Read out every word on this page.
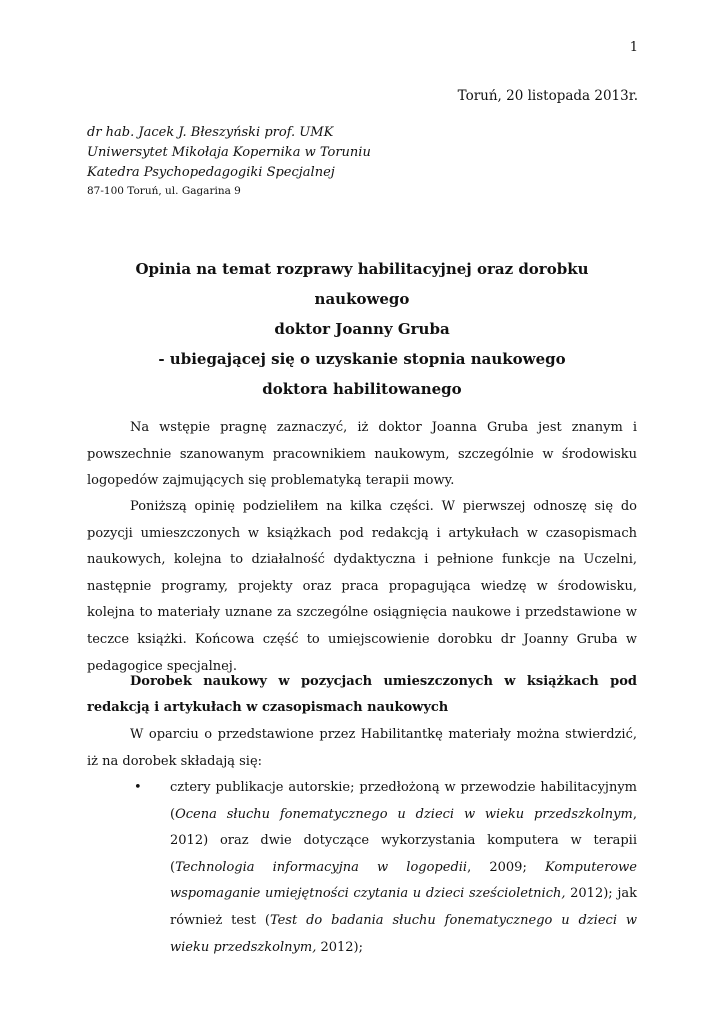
1
Toruń, 20 listopada 2013r.
dr hab. Jacek J. Błeszyński prof. UMK
Uniwersytet Mikołaja Kopernika w Toruniu
Katedra Psychopedagogiki Specjalnej
87-100 Toruń, ul. Gagarina 9
Opinia na temat rozprawy habilitacyjnej oraz dorobku naukowego
doktor Joanny Gruba
- ubiegającej się o uzyskanie stopnia naukowego
doktora habilitowanego

Na wstępie pragnę zaznaczyć, iż doktor Joanna Gruba jest znanym i powszechnie szanowanym pracownikiem naukowym, szczególnie w środowisku logopedów zajmujących się problematyką terapii mowy.

Poniższą opinię podzieliłem na kilka części. W pierwszej odnoszę się do pozycji umieszczonych w książkach pod redakcją i artykułach w czasopismach naukowych, kolejna to działalność dydaktyczna i pełnione funkcje na Uczelni, następnie programy, projekty oraz praca propagująca wiedzę w środowisku, kolejna to materiały uznane za szczególne osiągnięcia naukowe i przedstawione w teczce książki. Końcowa część to umiejscowienie dorobku dr Joanny Gruba w pedagogice specjalnej.

Dorobek naukowy w pozycjach umieszczonych w książkach pod redakcją i artykułach w czasopismach naukowych

W oparciu o przedstawione przez Habilitantkę materiały można stwierdzić, iż na dorobek składają się:

• cztery publikacje autorskie; przedłożoną w przewodzie habilitacyjnym (Ocena słuchu fonematycznego u dzieci w wieku przedszkolnym, 2012) oraz dwie dotyczące wykorzystania komputera w terapii (Technologia informacyjna w logopedii, 2009; Komputerowe wspomaganie umiejętności czytania u dzieci sześcioletnich, 2012); jak również test (Test do badania słuchu fonematycznego u dzieci w wieku przedszkolnym, 2012);
